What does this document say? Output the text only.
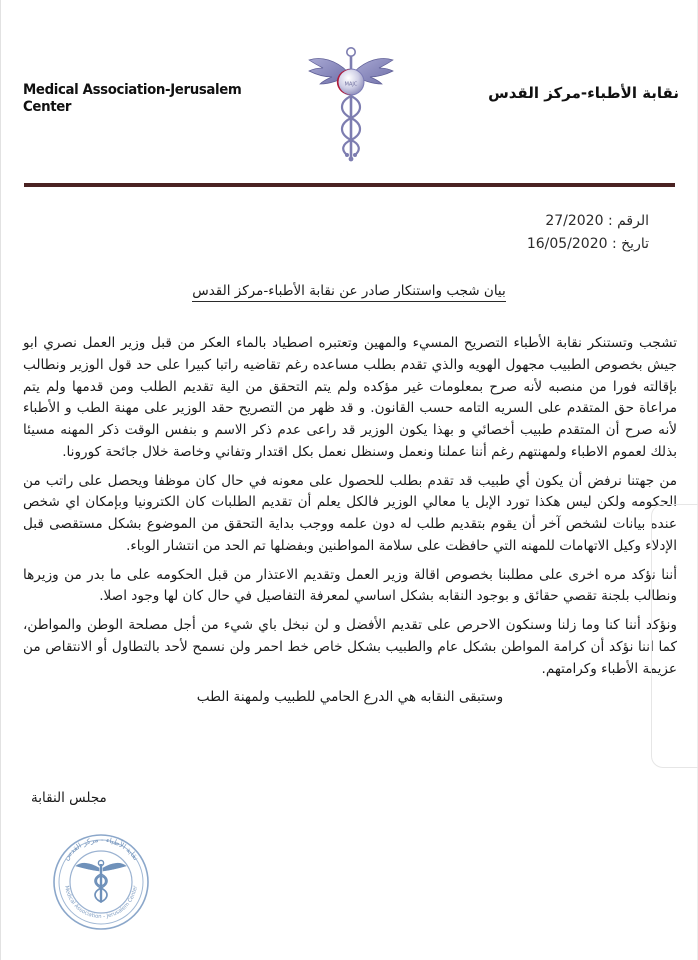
Medical Association-Jerusalem Center
MAJC	نقابة الأطباء-مركز القدس
الرقم : 27/2020
تاريخ : 16/05/2020
بيان شجب واستنكار صادر عن نقابة الأطباء-مركز القدس

تشجب وتستنكر نقابة الأطباء التصريح المسيء والمهين وتعتبره اصطياد بالماء العكر من قبل وزير العمل نصري ابو جيش بخصوص الطبيب مجهول الهويه والذي تقدم بطلب مساعده رغم تقاضيه راتبا كبيرا على حد قول الوزير ونطالب بإقالته فورا من منصبه لأنه صرح بمعلومات غير مؤكده ولم يتم التحقق من الية تقديم الطلب ومن قدمها ولم يتم مراعاة حق المتقدم على السريه التامه حسب القانون. و قد ظهر من التصريح حقد الوزير على مهنة الطب و الأطباء لأنه صرح أن المتقدم طبيب أخصائي و بهذا يكون الوزير قد راعى عدم ذكر الاسم و بنفس الوقت ذكر المهنه مسيئا بذلك لعموم الاطباء ولمهنتهم رغم أننا عملنا ونعمل وسنظل نعمل بكل اقتدار وتفاني وخاصة خلال جائحة كورونا.

من جهتنا نرفض أن يكون أي طبيب قد تقدم بطلب للحصول على معونه في حال كان موظفا ويحصل على راتب من الحكومه ولكن ليس هكذا تورد الإبل يا معالي الوزير فالكل يعلم أن تقديم الطلبات كان الكترونيا وبإمكان اي شخص عنده بيانات لشخص آخر أن يقوم بتقديم طلب له دون علمه ووجب بداية التحقق من الموضوع بشكل مستقصى قبل الإدلاء وكيل الاتهامات للمهنه التي حافظت على سلامة المواطنين وبفضلها تم الحد من انتشار الوباء.

أننا نؤكد مره اخرى على مطلبنا بخصوص اقالة وزير العمل وتقديم الاعتذار من قبل الحكومه على ما بدر من وزيرها ونطالب بلجنة تقصي حقائق و بوجود النقابه بشكل اساسي لمعرفة التفاصيل في حال كان لها وجود اصلا.

ونؤكد أننا كنا وما زلنا وسنكون الاحرص على تقديم الأفضل و لن نبخل باي شيء من أجل مصلحة الوطن والمواطن، كما اننا نؤكد أن كرامة المواطن بشكل عام والطبيب بشكل خاص خط احمر ولن نسمح لأحد بالتطاول أو الانتقاص من عزيمة الأطباء وكرامتهم.

وستبقى النقابه هي الدرع الحامي للطبيب ولمهنة الطب

مجلس النقابة
نقابة الأطباء - مركز القدس
Medical Association - Jerusalem Center
